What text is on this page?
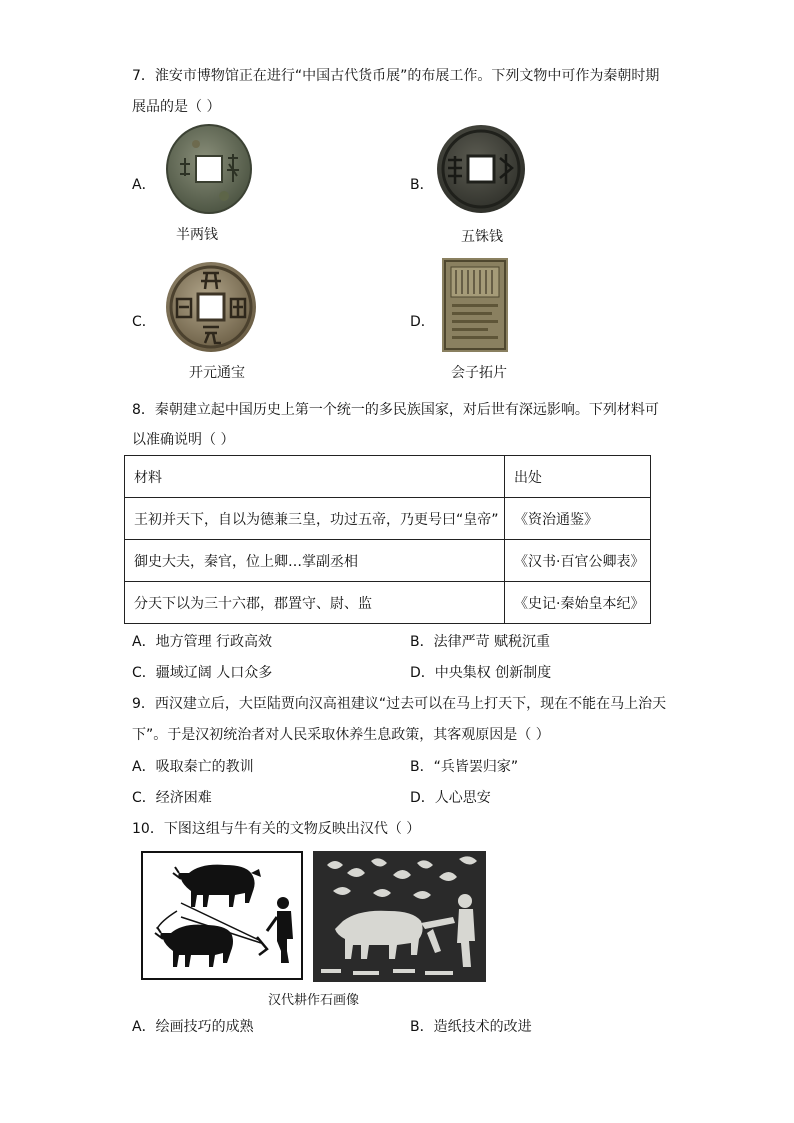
7．淮安市博物馆正在进行“中国古代货币展”的布展工作。下列文物中可作为秦朝时期
展品的是（ ）
A．
半两钱
B．
五铢钱
C．
开元通宝
D．
会子拓片
8．秦朝建立起中国历史上第一个统一的多民族国家，对后世有深远影响。下列材料可
以准确说明（ ）
材料	出处
王初并天下，自以为德兼三皇，功过五帝，乃更号曰“皇帝”	《资治通鉴》
御史大夫，秦官，位上卿…掌副丞相	《汉书·百官公卿表》
分天下以为三十六郡，郡置守、尉、监	《史记·秦始皇本纪》
A．地方管理 行政高效	B．法律严苛 赋税沉重
C．疆域辽阔 人口众多	D．中央集权 创新制度
9．西汉建立后，大臣陆贾向汉高祖建议“过去可以在马上打天下，现在不能在马上治天
下”。于是汉初统治者对人民采取休养生息政策，其客观原因是（ ）
A．吸取秦亡的教训	B．“兵皆罢归家”
C．经济困难	D．人心思安
10．下图这组与牛有关的文物反映出汉代（ ）
汉代耕作石画像
A．绘画技巧的成熟	B．造纸技术的改进
